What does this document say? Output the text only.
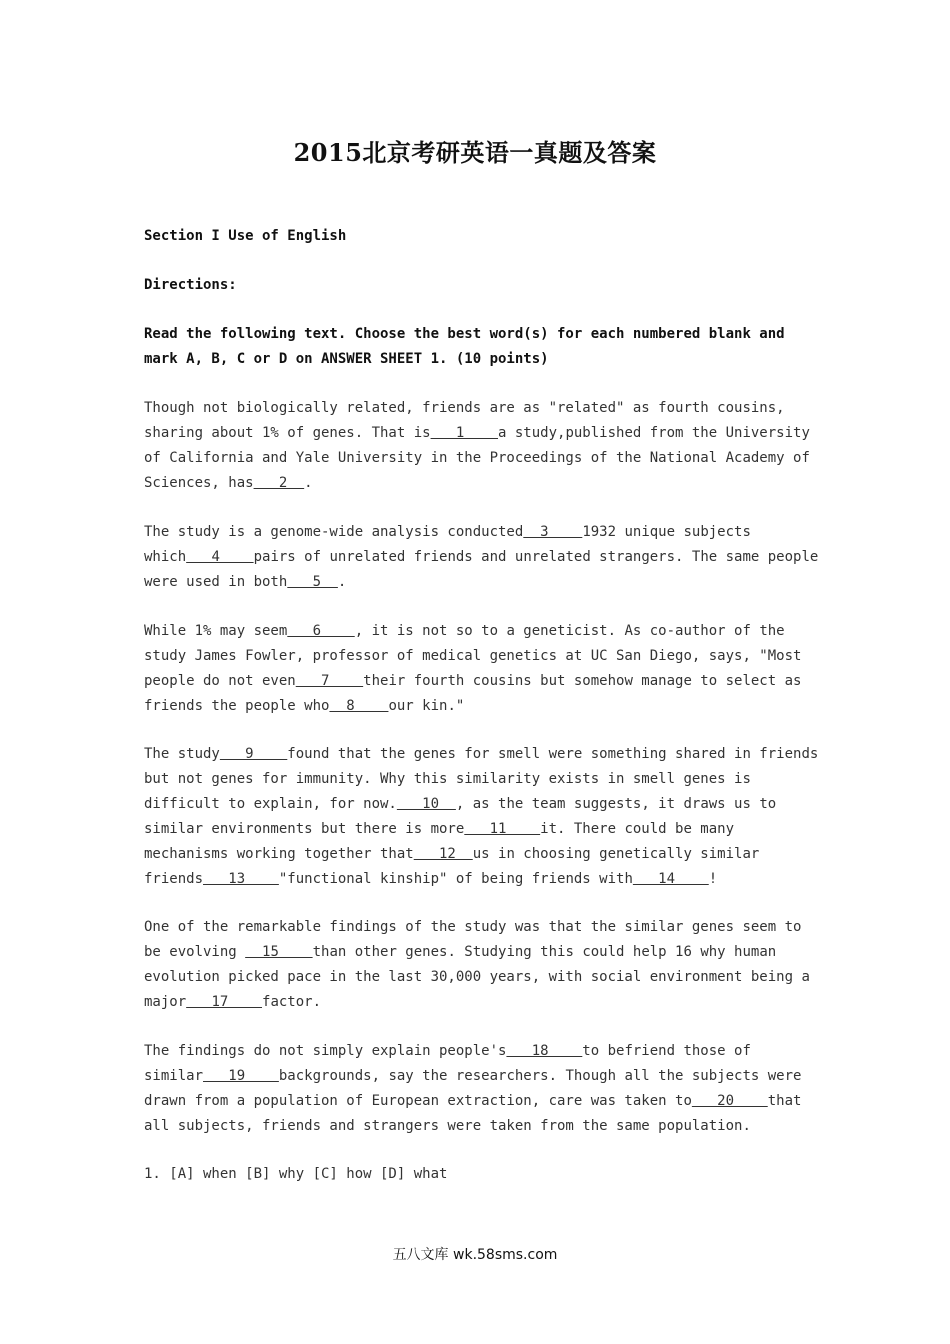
2015北京考研英语一真题及答案
Section I Use of English
Directions:
Read the following text. Choose the best word(s) for each numbered blank and mark A, B, C or D on ANSWER SHEET 1. (10 points)
Though not biologically related, friends are as "related" as fourth cousins, sharing about 1% of genes. That is   1    a study,published from the University of California and Yale University in the Proceedings of the National Academy of Sciences, has   2  .
The study is a genome-wide analysis conducted  3    1932 unique subjects which   4    pairs of unrelated friends and unrelated strangers. The same people were used in both   5  .
While 1% may seem   6    , it is not so to a geneticist. As co-author of the study James Fowler, professor of medical genetics at UC San Diego, says, "Most people do not even   7    their fourth cousins but somehow manage to select as friends the people who  8    our kin."
The study   9    found that the genes for smell were something shared in friends but not genes for immunity. Why this similarity exists in smell genes is difficult to explain, for now.   10  , as the team suggests, it draws us to similar environments but there is more   11    it. There could be many mechanisms working together that   12  us in choosing genetically similar friends   13    "functional kinship" of being friends with   14    !
One of the remarkable findings of the study was that the similar genes seem to be evolving   15    than other genes. Studying this could help 16 why human evolution picked pace in the last 30,000 years, with social environment being a major   17    factor.
The findings do not simply explain people's   18    to befriend those of similar   19    backgrounds, say the researchers. Though all the subjects were drawn from a population of European extraction, care was taken to   20    that all subjects, friends and strangers were taken from the same population.
1. [A] when [B] why [C] how [D] what
五八文库 wk.58sms.com
